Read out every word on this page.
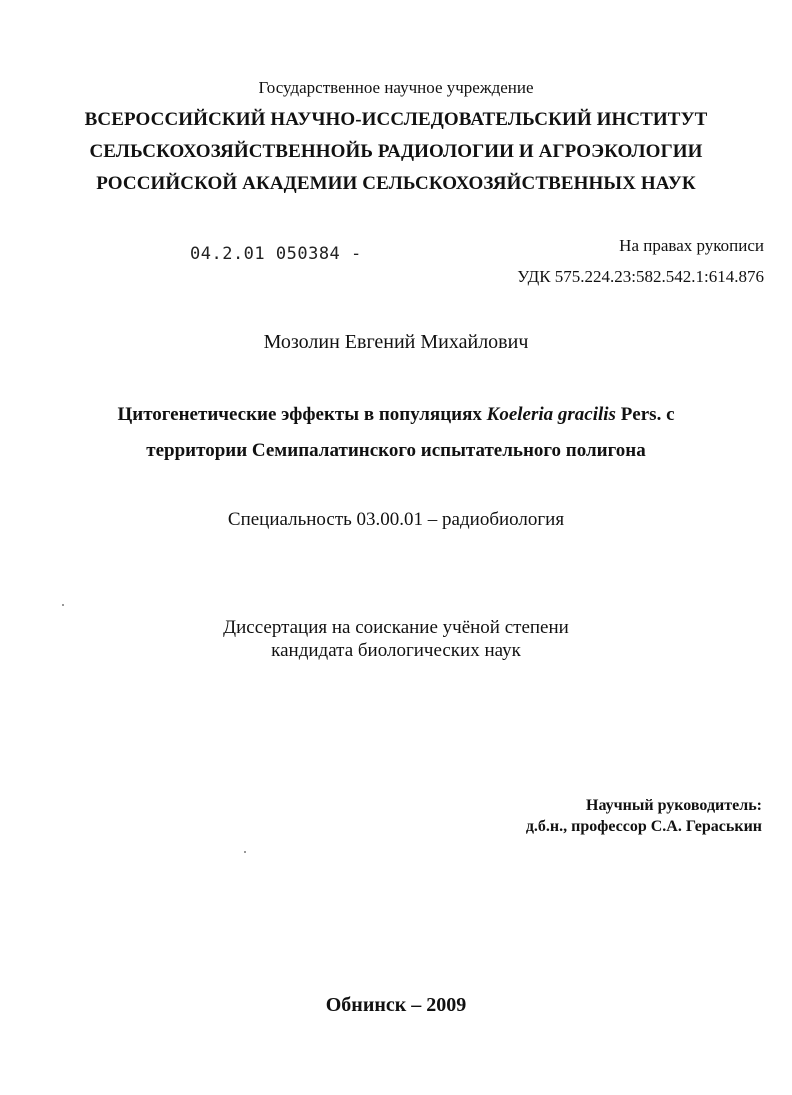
Государственное научное учреждение
ВСЕРОССИЙСКИЙ НАУЧНО-ИССЛЕДОВАТЕЛЬСКИЙ ИНСТИТУТ
СЕЛЬСКОХОЗЯЙСТВЕННОЙЬ РАДИОЛОГИИ И АГРОЭКОЛОГИИ
РОССИЙСКОЙ АКАДЕМИИ СЕЛЬСКОХОЗЯЙСТВЕННЫХ НАУК
04.2.01 050384 -	На правах рукописи
УДК 575.224.23:582.542.1:614.876
Мозолин Евгений Михайлович
Цитогенетические эффекты в популяциях Koeleria gracilis Pers. с
территории Семипалатинского испытательного полигона
Специальность 03.00.01 – радиобиология
Диссертация на соискание учёной степени
кандидата биологических наук
Научный руководитель:
д.б.н., профессор С.А. Гераськин
Обнинск – 2009
